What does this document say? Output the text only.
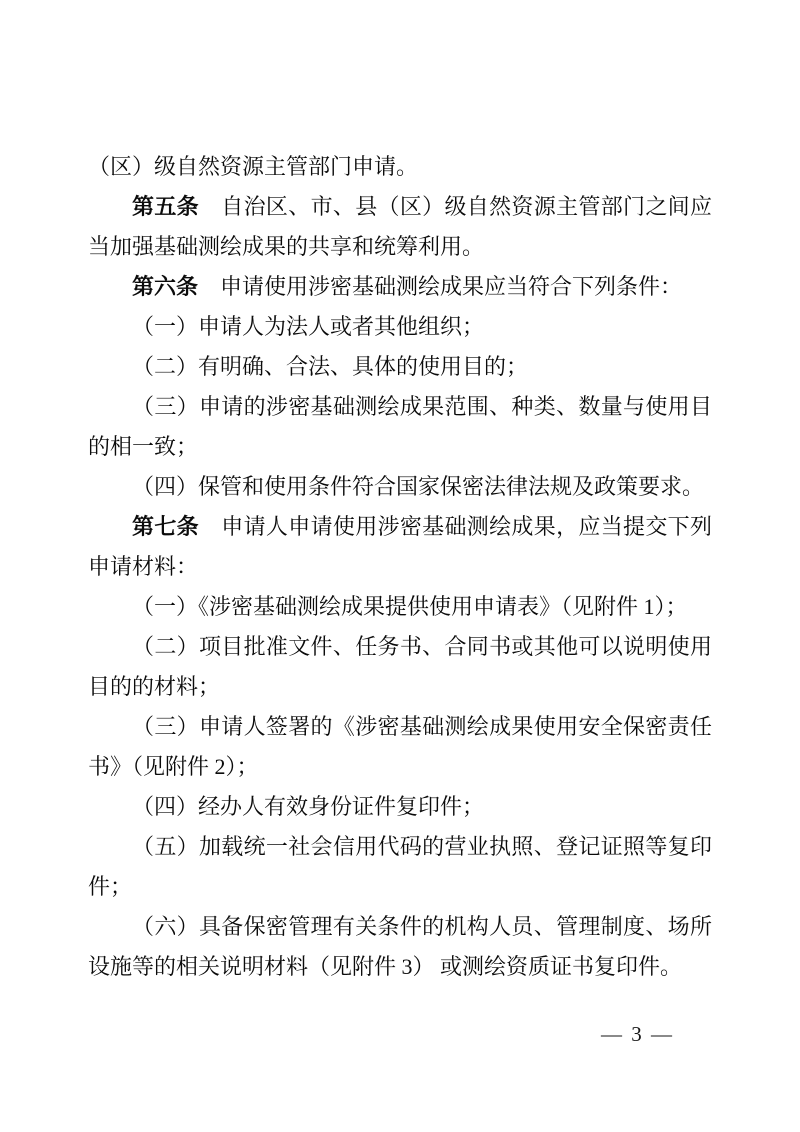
（区）级自然资源主管部门申请。
第五条　自治区、市、县（区）级自然资源主管部门之间应
当加强基础测绘成果的共享和统筹利用。
第六条　申请使用涉密基础测绘成果应当符合下列条件：
（一）申请人为法人或者其他组织；
（二）有明确、合法、具体的使用目的；
（三）申请的涉密基础测绘成果范围、种类、数量与使用目
的相一致；
（四）保管和使用条件符合国家保密法律法规及政策要求。
第七条　申请人申请使用涉密基础测绘成果，应当提交下列
申请材料：
（一）《涉密基础测绘成果提供使用申请表》（见附件 1）；
（二）项目批准文件、任务书、合同书或其他可以说明使用
目的的材料；
（三）申请人签署的《涉密基础测绘成果使用安全保密责任
书》（见附件 2）；
（四）经办人有效身份证件复印件；
（五）加载统一社会信用代码的营业执照、登记证照等复印
件；
（六）具备保密管理有关条件的机构人员、管理制度、场所
设施等的相关说明材料（见附件 3） 或测绘资质证书复印件。
— 3 —
